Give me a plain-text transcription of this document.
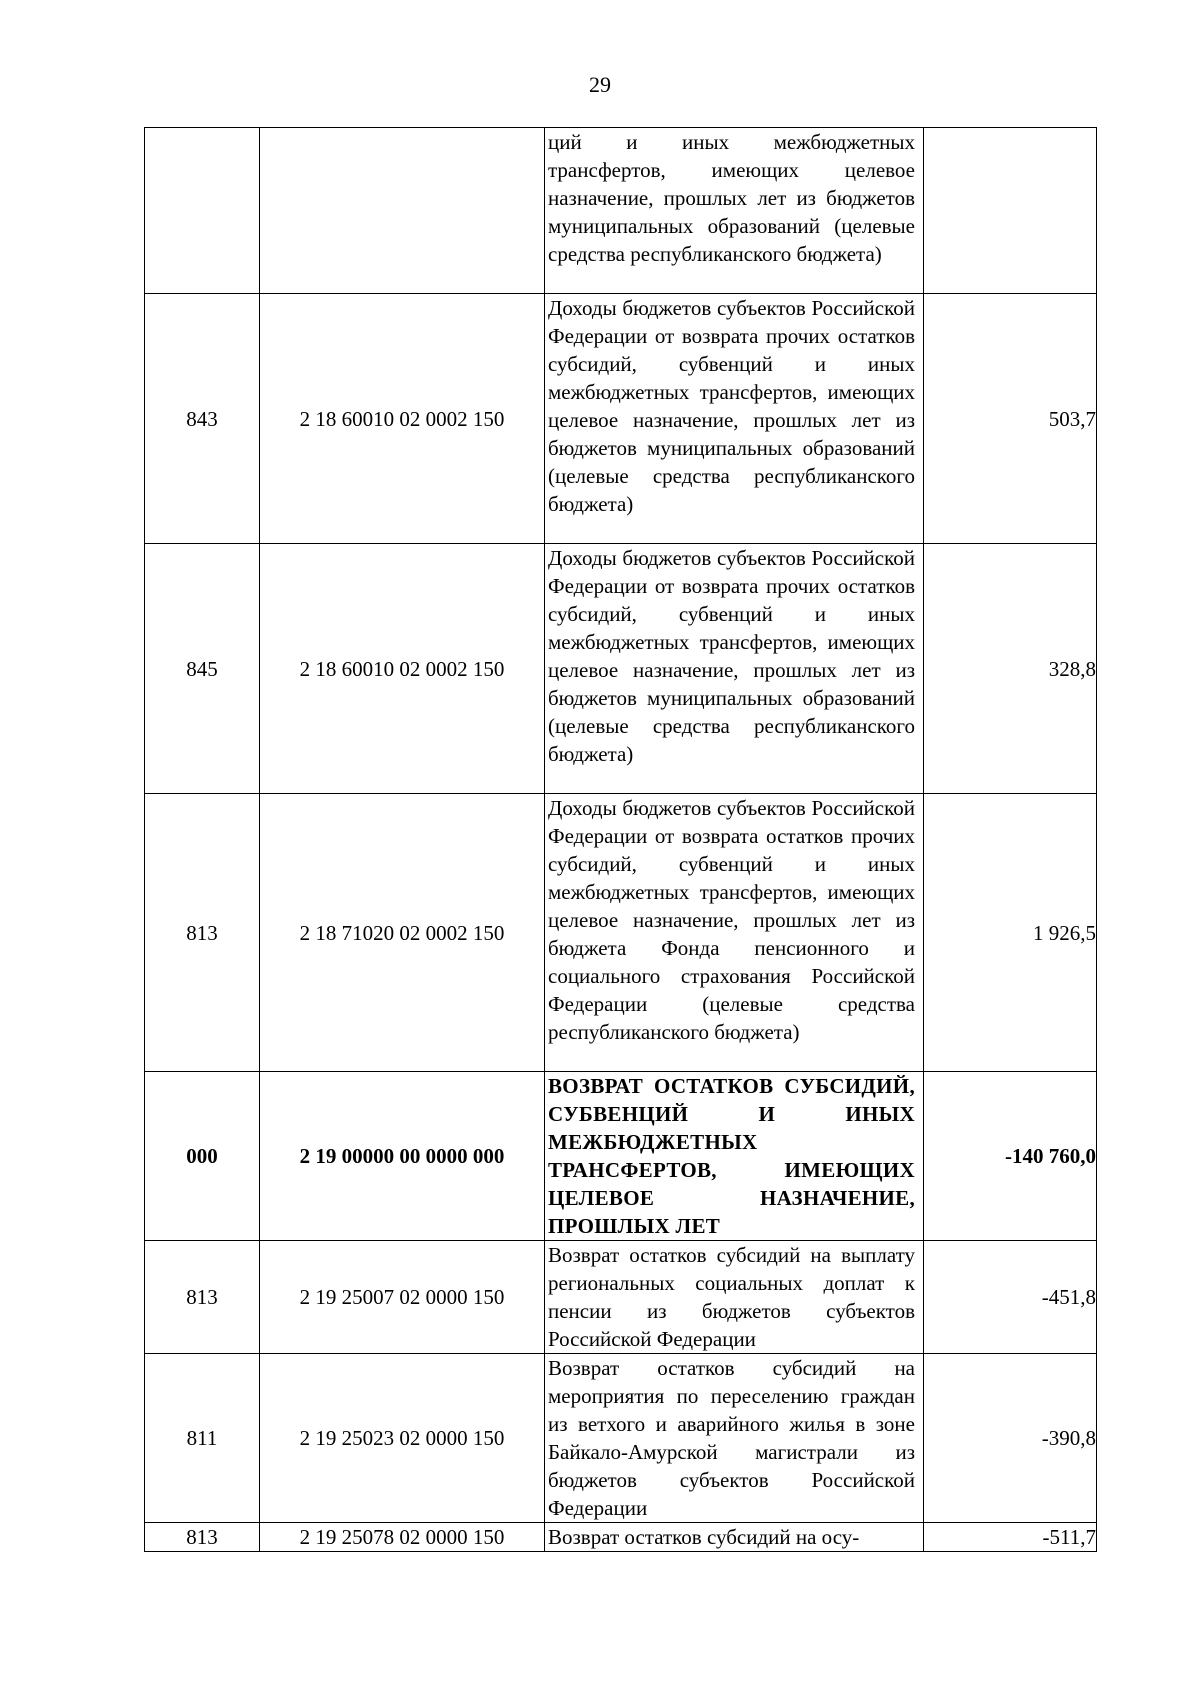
29
		ций и иных межбюджетных трансфертов, имеющих целевое назначение, прошлых лет из бюджетов муниципальных образований (целевые средства республиканского бюджета)	
843	2 18 60010 02 0002 150	Доходы бюджетов субъектов Российской Федерации от возврата прочих остатков субсидий, субвенций и иных межбюджетных трансфертов, имеющих целевое назначение, прошлых лет из бюджетов муниципальных образований (целевые средства республиканского бюджета)	503,7
845	2 18 60010 02 0002 150	Доходы бюджетов субъектов Российской Федерации от возврата прочих остатков субсидий, субвенций и иных межбюджетных трансфертов, имеющих целевое назначение, прошлых лет из бюджетов муниципальных образований (целевые средства республиканского бюджета)	328,8
813	2 18 71020 02 0002 150	Доходы бюджетов субъектов Российской Федерации от возврата остатков прочих субсидий, субвенций и иных межбюджетных трансфертов, имеющих целевое назначение, прошлых лет из бюджета Фонда пенсионного и социального страхования Российской Федерации (целевые средства республиканского бюджета)	1 926,5
000	2 19 00000 00 0000 000	ВОЗВРАТ ОСТАТКОВ СУБСИДИЙ, СУБВЕНЦИЙ И ИНЫХ МЕЖБЮДЖЕТНЫХ ТРАНСФЕРТОВ, ИМЕЮЩИХ ЦЕЛЕВОЕ НАЗНАЧЕНИЕ, ПРОШЛЫХ ЛЕТ	-140 760,0
813	2 19 25007 02 0000 150	Возврат остатков субсидий на выплату региональных социальных доплат к пенсии из бюджетов субъектов Российской Федерации	-451,8
811	2 19 25023 02 0000 150	Возврат остатков субсидий на мероприятия по переселению граждан из ветхого и аварийного жилья в зоне Байкало-Амурской магистрали из бюджетов субъектов Российской Федерации	-390,8
813	2 19 25078 02 0000 150	Возврат остатков субсидий на осу-	-511,7
